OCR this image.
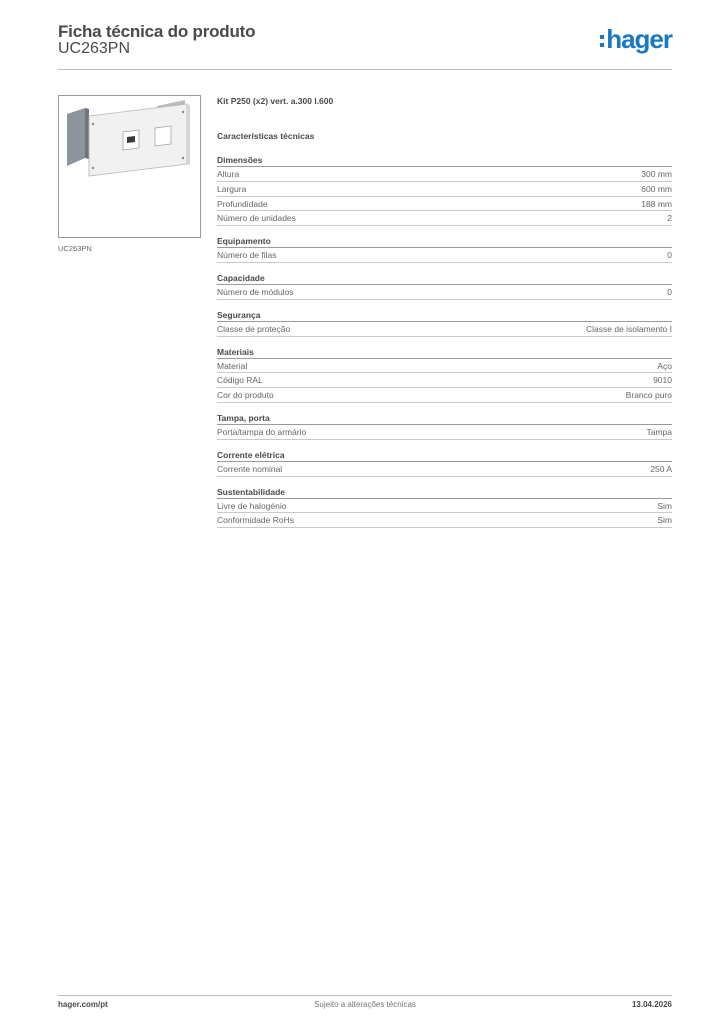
Ficha técnica do produto
UC263PN	hager
UC263PN
Kit P250 (x2) vert. a.300 l.600
Características técnicas
Dimensões
Altura	300 mm
Largura	600 mm
Profundidade	188 mm
Número de unidades	2
Equipamento
Número de filas	0
Capacidade
Número de módulos	0
Segurança
Classe de proteção	Classe de isolamento I
Materiais
Material	Aço
Código RAL	9010
Cor do produto	Branco puro
Tampa, porta
Porta/tampa do armário	Tampa
Corrente elétrica
Corrente nominal	250 A
Sustentabilidade
Livre de halogénio	Sim
Conformidade RoHs	Sim
hager.com/pt	Sujeito a alterações técnicas	13.04.2026
